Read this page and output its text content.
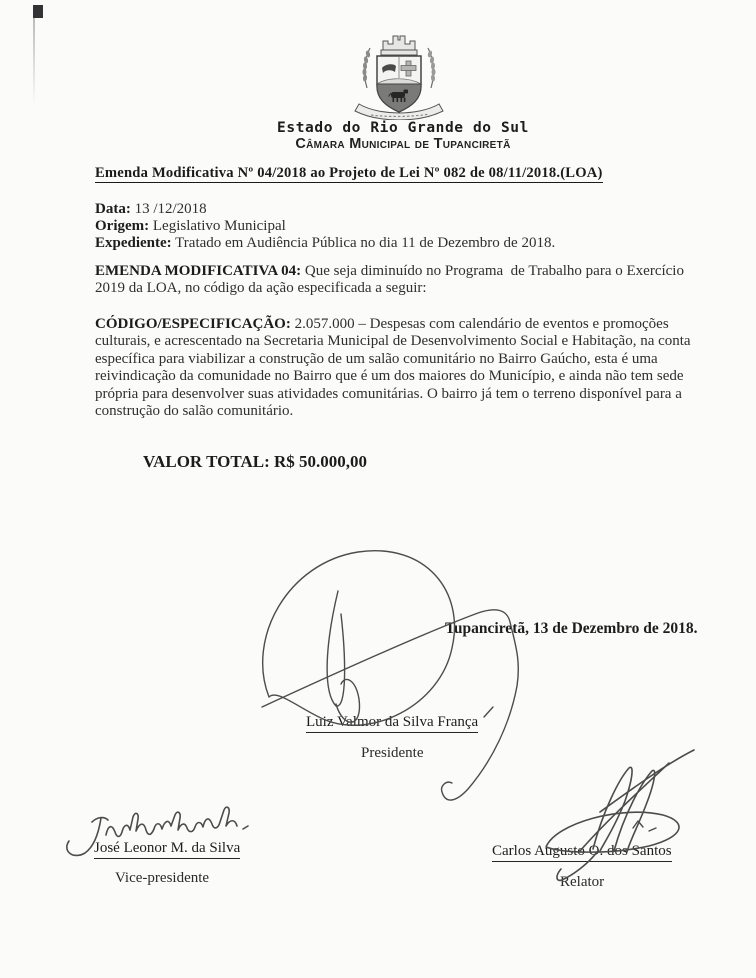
Estado do Rio Grande do Sul
Câmara Municipal de Tupanciretã
Emenda Modificativa Nº 04/2018 ao Projeto de Lei Nº 082 de 08/11/2018.(LOA)
Data: 13 /12/2018
Origem: Legislativo Municipal
Expediente: Tratado em Audiência Pública no dia 11 de Dezembro de 2018.

EMENDA MODIFICATIVA 04: Que seja diminuído no Programa  de Trabalho para o Exercício 2019 da LOA, no código da ação especificada a seguir:

CÓDIGO/ESPECIFICAÇÃO: 2.057.000 – Despesas com calendário de eventos e promoções culturais, e acrescentado na Secretaria Municipal de Desenvolvimento Social e Habitação, na conta específica para viabilizar a construção de um salão comunitário no Bairro Gaúcho, esta é uma reivindicação da comunidade no Bairro que é um dos maiores do Município, e ainda não tem sede própria para desenvolver suas atividades comunitárias. O bairro já tem o terreno disponível para a construção do salão comunitário.

VALOR TOTAL: R$ 50.000,00
Tupanciretã, 13 de Dezembro de 2018.
Luiz Valmor da Silva França
Presidente
José Leonor M. da Silva
Vice-presidente
Carlos Augusto O. dos Santos
Relator
